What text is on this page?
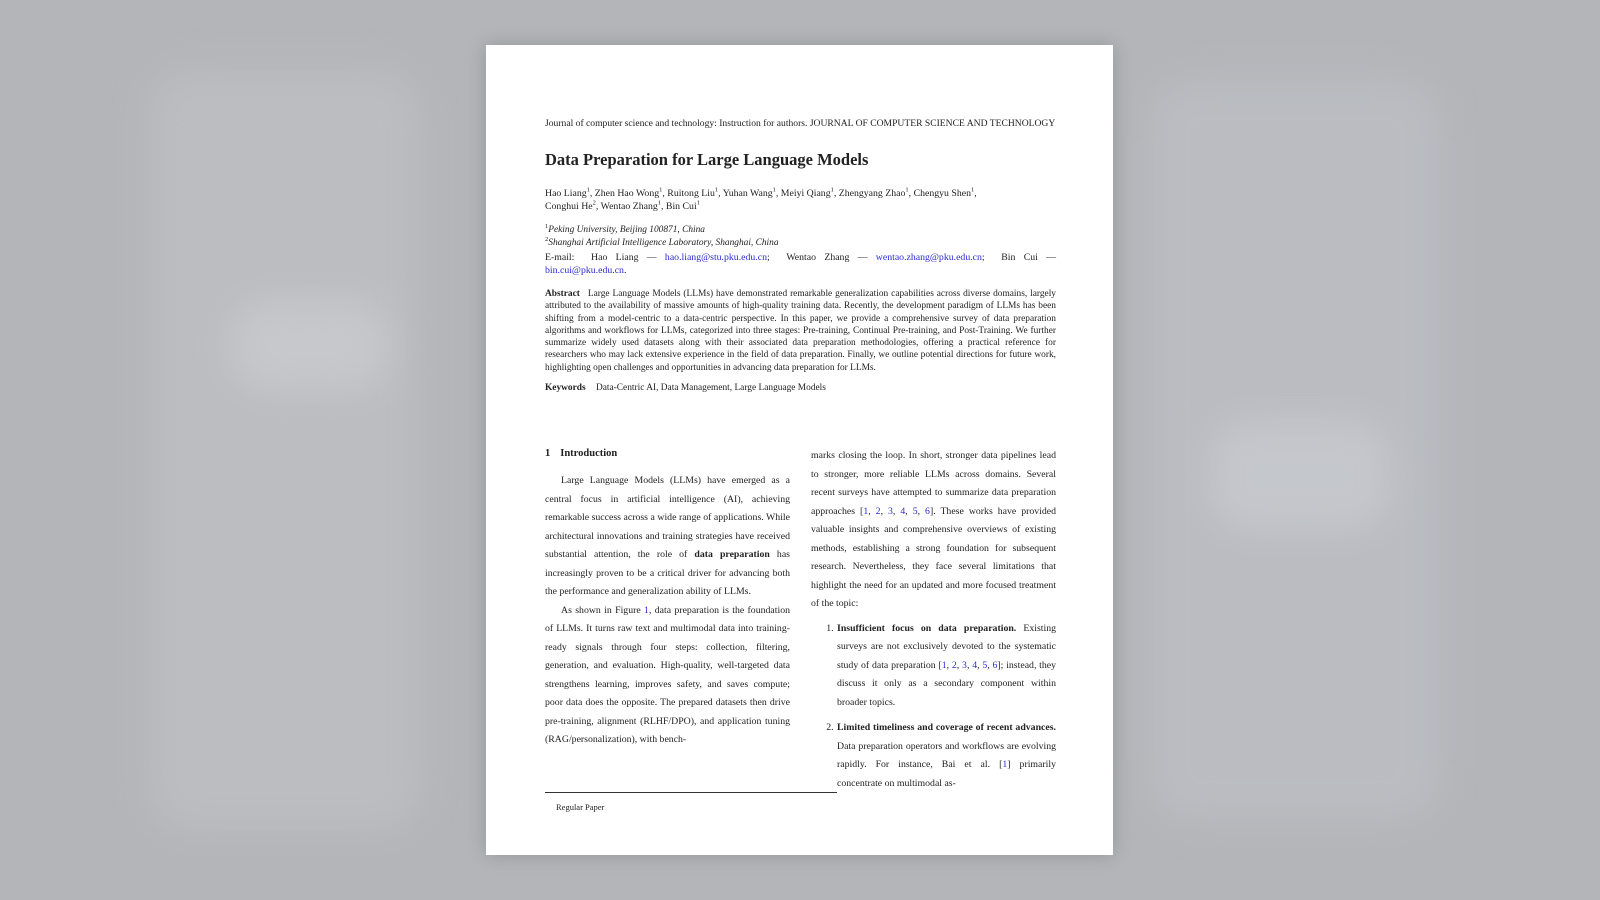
Journal of computer science and technology: Instruction for authors. JOURNAL OF COMPUTER SCIENCE AND TECHNOLOGY
Data Preparation for Large Language Models
Hao Liang$^1$, Zhen Hao Wong$^1$, Ruitong Liu$^1$, Yuhan Wang$^1$, Meiyi Qiang$^1$, Zhengyang Zhao$^1$, Chengyu Shen$^1$,
Conghui He$^2$, Wentao Zhang$^1$, Bin Cui$^1$
$^1$Peking University, Beijing 100871, China
$^2$Shanghai Artificial Intelligence Laboratory, Shanghai, China
E-mail: Hao Liang — hao.liang@stu.pku.edu.cn;  Wentao Zhang — wentao.zhang@pku.edu.cn;  Bin Cui — bin.cui@pku.edu.cn.
Abstract Large Language Models (LLMs) have demonstrated remarkable generalization capabilities across diverse domains, largely attributed to the availability of massive amounts of high-quality training data. Recently, the development paradigm of LLMs has been shifting from a model-centric to a data-centric perspective. In this paper, we provide a comprehensive survey of data preparation algorithms and workflows for LLMs, categorized into three stages: Pre-training, Continual Pre-training, and Post-Training. We further summarize widely used datasets along with their associated data preparation methodologies, offering a practical reference for researchers who may lack extensive experience in the field of data preparation. Finally, we outline potential directions for future work, highlighting open challenges and opportunities in advancing data preparation for LLMs.
Keywords Data-Centric AI, Data Management, Large Language Models
1 Introduction

Large Language Models (LLMs) have emerged as a central focus in artificial intelligence (AI), achieving remarkable success across a wide range of applications. While architectural innovations and training strategies have received substantial attention, the role of data preparation has increasingly proven to be a critical driver for advancing both the performance and generalization ability of LLMs.

As shown in Figure 1, data preparation is the foundation of LLMs. It turns raw text and multimodal data into training-ready signals through four steps: collection, filtering, generation, and evaluation. High-quality, well-targeted data strengthens learning, improves safety, and saves compute; poor data does the opposite. The prepared datasets then drive pre-training, alignment (RLHF/DPO), and application tuning (RAG/personalization), with bench-

marks closing the loop. In short, stronger data pipelines lead to stronger, more reliable LLMs across domains. Several recent surveys have attempted to summarize data preparation approaches [1, 2, 3, 4, 5, 6]. These works have provided valuable insights and comprehensive overviews of existing methods, establishing a strong foundation for subsequent research. Nevertheless, they face several limitations that highlight the need for an updated and more focused treatment of the topic:

1. Insufficient focus on data preparation. Existing surveys are not exclusively devoted to the systematic study of data preparation [1, 2, 3, 4, 5, 6]; instead, they discuss it only as a secondary component within broader topics.
2. Limited timeliness and coverage of recent advances. Data preparation operators and workflows are evolving rapidly. For instance, Bai et al. [1] primarily concentrate on multimodal as-
Regular Paper
